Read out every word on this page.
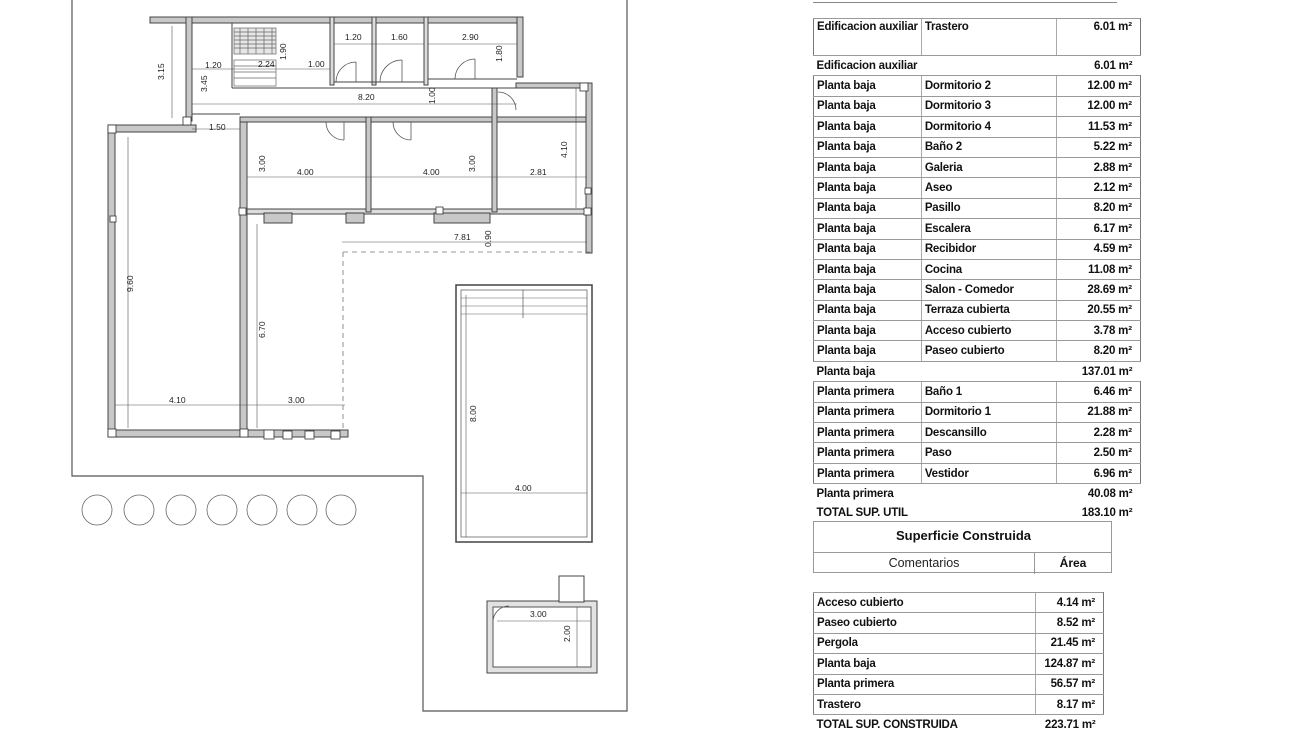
3.15
3.45
1.20	2.24
1.90
1.00
1.20	1.60	2.90
1.80
8.20	1.00
1.50
4.10
3.00	4.00	4.00	3.00	2.81
7.81 0.90
9.60
6.70
4.10	3.00
8.00
4.00
3.00
2.00
Edificacion auxiliar	Trastero	6.01 m²
Edificacion auxiliar		6.01 m²
Planta baja	Dormitorio 2	12.00 m²
Planta baja	Dormitorio 3	12.00 m²
Planta baja	Dormitorio 4	11.53 m²
Planta baja	Baño 2	5.22 m²
Planta baja	Galeria	2.88 m²
Planta baja	Aseo	2.12 m²
Planta baja	Pasillo	8.20 m²
Planta baja	Escalera	6.17 m²
Planta baja	Recibidor	4.59 m²
Planta baja	Cocina	11.08 m²
Planta baja	Salon - Comedor	28.69 m²
Planta baja	Terraza cubierta	20.55 m²
Planta baja	Acceso cubierto	3.78 m²
Planta baja	Paseo cubierto	8.20 m²
Planta baja		137.01 m²
Planta primera	Baño 1	6.46 m²
Planta primera	Dormitorio 1	21.88 m²
Planta primera	Descansillo	2.28 m²
Planta primera	Paso	2.50 m²
Planta primera	Vestidor	6.96 m²
Planta primera		40.08 m²
TOTAL SUP. UTIL		183.10 m²
Superficie Construida
Comentarios	Área
Acceso cubierto	4.14 m²
Paseo cubierto	8.52 m²
Pergola	21.45 m²
Planta baja	124.87 m²
Planta primera	56.57 m²
Trastero	8.17 m²
TOTAL SUP. CONSTRUIDA	223.71 m²
